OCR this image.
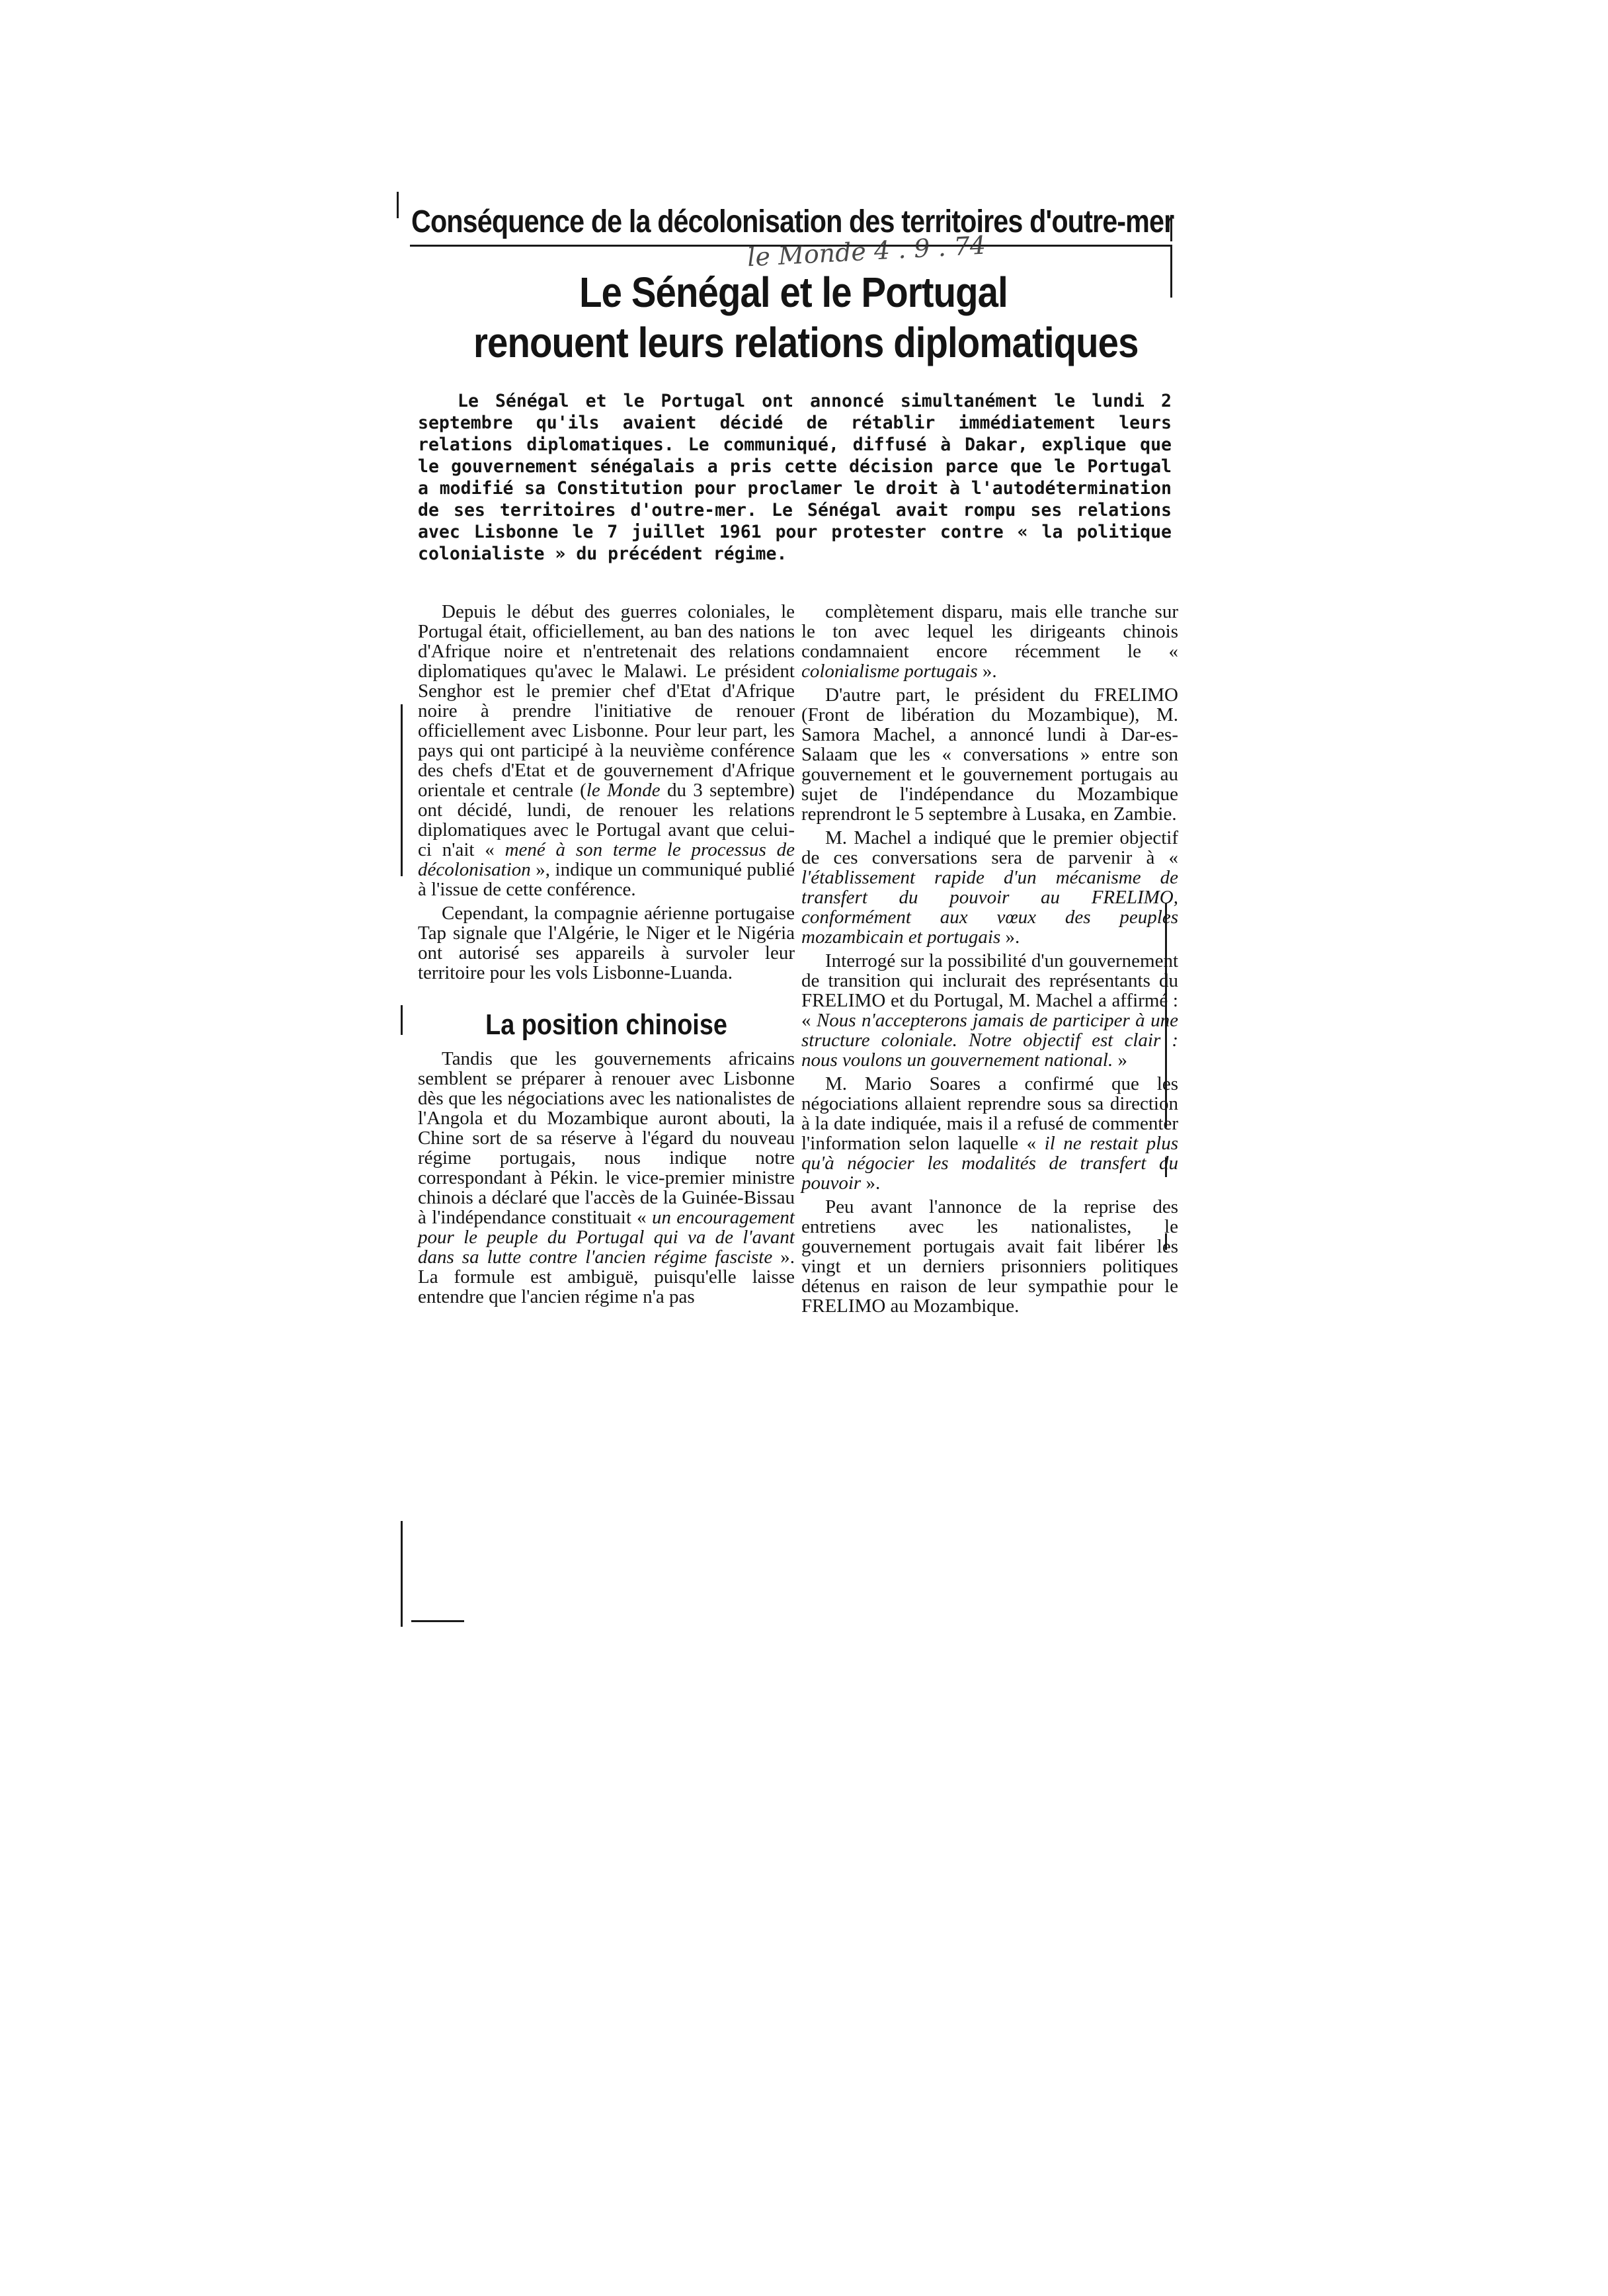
Conséquence de la décolonisation des territoires d'outre-mer
le Monde 4 . 9 . 74
Le Sénégal et le Portugal
renouent leurs relations diplomatiques
Le Sénégal et le Portugal ont annoncé simultanément le lundi 2 septembre qu'ils avaient décidé de rétablir immédiatement leurs relations diplomatiques. Le communiqué, diffusé à Dakar, explique que le gouvernement sénégalais a pris cette décision parce que le Portugal a modifié sa Constitution pour proclamer le droit à l'autodétermination de ses territoires d'outre-mer. Le Sénégal avait rompu ses relations avec Lisbonne le 7 juillet 1961 pour protester contre « la politique colonialiste » du précédent régime.

Depuis le début des guerres coloniales, le Portugal était, officiellement, au ban des nations d'Afrique noire et n'entretenait des relations diplomatiques qu'avec le Malawi. Le président Senghor est le premier chef d'Etat d'Afrique noire à prendre l'initiative de renouer officiellement avec Lisbonne. Pour leur part, les pays qui ont participé à la neuvième conférence des chefs d'Etat et de gouvernement d'Afrique orientale et centrale (le Monde du 3 septembre) ont décidé, lundi, de renouer les relations diplomatiques avec le Portugal avant que celui-ci n'ait « mené à son terme le processus de décolonisation », indique un communiqué publié à l'issue de cette conférence.

Cependant, la compagnie aérienne portugaise Tap signale que l'Algérie, le Niger et le Nigéria ont autorisé ses appareils à survoler leur territoire pour les vols Lisbonne-Luanda.

La position chinoise

Tandis que les gouvernements africains semblent se préparer à renouer avec Lisbonne dès que les négociations avec les nationalistes de l'Angola et du Mozambique auront abouti, la Chine sort de sa réserve à l'égard du nouveau régime portugais, nous indique notre correspondant à Pékin. le vice-premier ministre chinois a déclaré que l'accès de la Guinée-Bissau à l'indépendance constituait « un encouragement pour le peuple du Portugal qui va de l'avant dans sa lutte contre l'ancien régime fasciste ». La formule est ambiguë, puisqu'elle laisse entendre que l'ancien régime n'a pas

complètement disparu, mais elle tranche sur le ton avec lequel les dirigeants chinois condamnaient encore récemment le « colonialisme portugais ».

D'autre part, le président du FRELIMO (Front de libération du Mozambique), M. Samora Machel, a annoncé lundi à Dar-es-Salaam que les « conversations » entre son gouvernement et le gouvernement portugais au sujet de l'indépendance du Mozambique reprendront le 5 septembre à Lusaka, en Zambie.

M. Machel a indiqué que le premier objectif de ces conversations sera de parvenir à « l'établissement rapide d'un mécanisme de transfert du pouvoir au FRELIMO, conformément aux vœux des peuples mozambicain et portugais ».

Interrogé sur la possibilité d'un gouvernement de transition qui inclurait des représentants du FRELIMO et du Portugal, M. Machel a affirmé : « Nous n'accepterons jamais de participer à une structure coloniale. Notre objectif est clair : nous voulons un gouvernement national. »

M. Mario Soares a confirmé que les négociations allaient reprendre sous sa direction à la date indiquée, mais il a refusé de commenter l'information selon laquelle « il ne restait plus qu'à négocier les modalités de transfert du pouvoir ».

Peu avant l'annonce de la reprise des entretiens avec les nationalistes, le gouvernement portugais avait fait libérer les vingt et un derniers prisonniers politiques détenus en raison de leur sympathie pour le FRELIMO au Mozambique.
